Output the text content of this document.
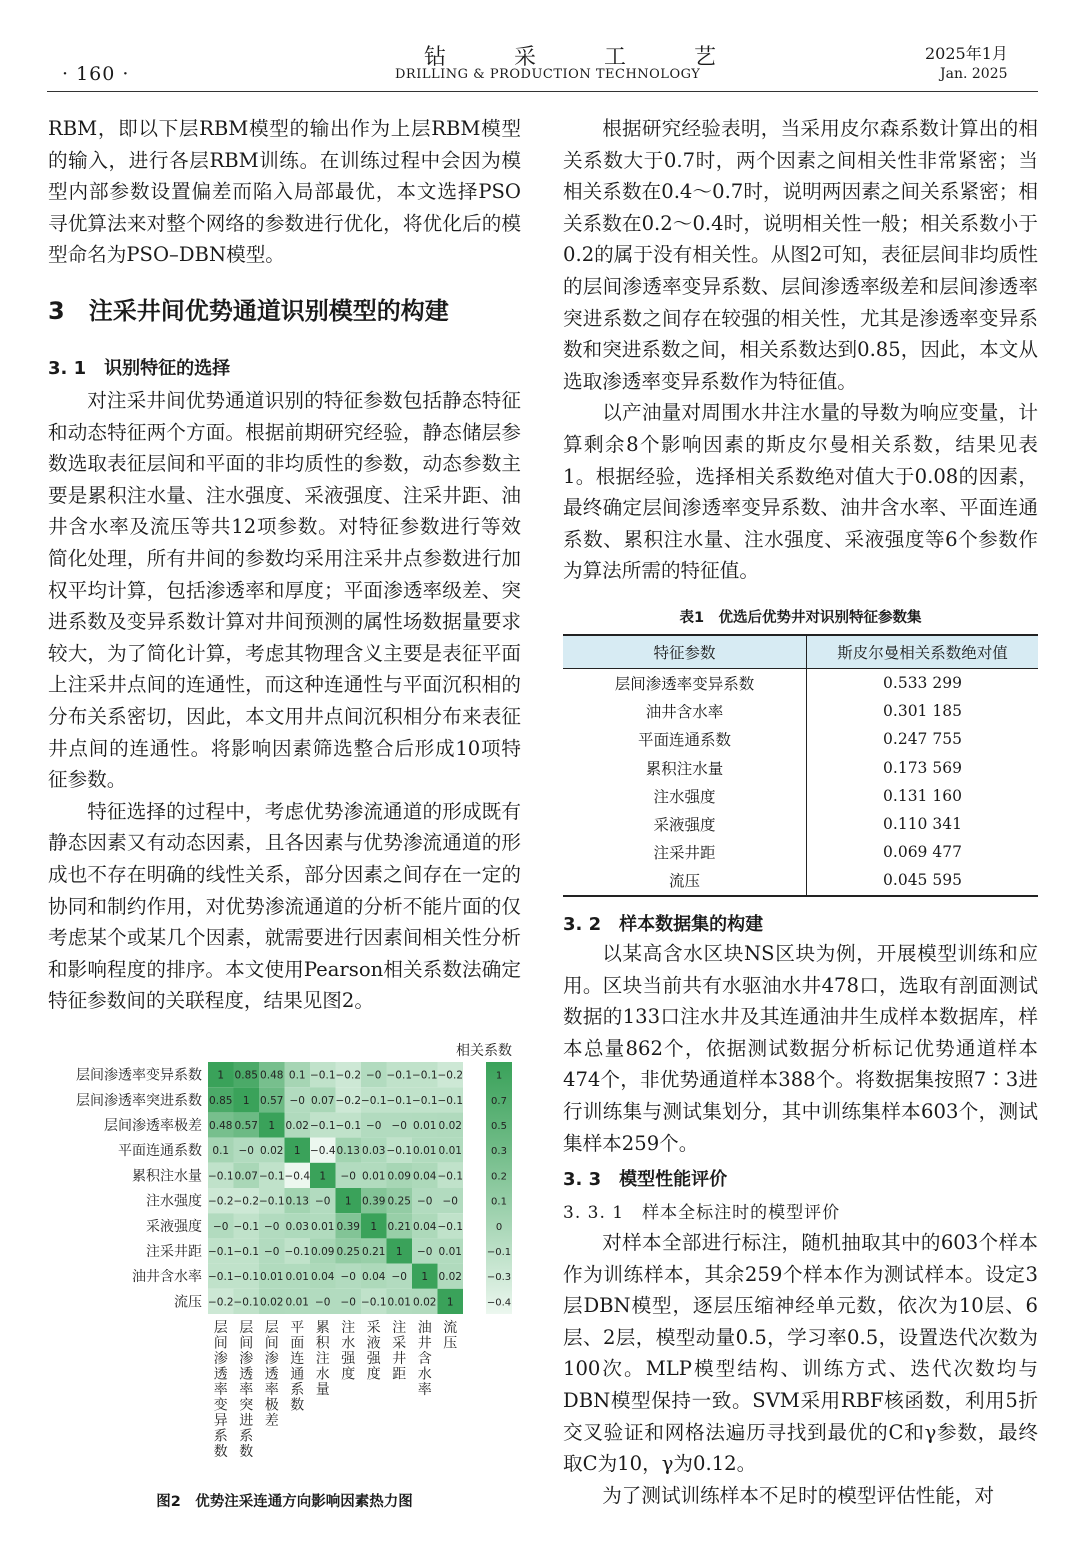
· 160 ·
钻采工艺
DRILLING & PRODUCTION TECHNOLOGY
2025年1月
Jan. 2025

RBM，即以下层RBM模型的输出作为上层RBM模型的输入，进行各层RBM训练。在训练过程中会因为模型内部参数设置偏差而陷入局部最优，本文选择PSO寻优算法来对整个网络的参数进行优化，将优化后的模型命名为PSO–DBN模型。

3　注采井间优势通道识别模型的构建
3. 1　识别特征的选择

对注采井间优势通道识别的特征参数包括静态特征和动态特征两个方面。根据前期研究经验，静态储层参数选取表征层间和平面的非均质性的参数，动态参数主要是累积注水量、注水强度、采液强度、注采井距、油井含水率及流压等共12项参数。对特征参数进行等效简化处理，所有井间的参数均采用注采井点参数进行加权平均计算，包括渗透率和厚度；平面渗透率级差、突进系数及变异系数计算对井间预测的属性场数据量要求较大，为了简化计算，考虑其物理含义主要是表征平面上注采井点间的连通性，而这种连通性与平面沉积相的分布关系密切，因此，本文用井点间沉积相分布来表征井点间的连通性。将影响因素筛选整合后形成10项特征参数。

特征选择的过程中，考虑优势渗流通道的形成既有静态因素又有动态因素，且各因素与优势渗流通道的形成也不存在明确的线性关系，部分因素之间存在一定的协同和制约作用，对优势渗流通道的分析不能片面的仅考虑某个或某几个因素，就需要进行因素间相关性分析和影响程度的排序。本文使用Pearson相关系数法确定特征参数间的关联程度，结果见图2。

1 0.85 0.48 0.1 −0.1 −0.2 −0 −0.1 −0.1 −0.2
0.85 1 0.57 −0 0.07 −0.2 −0.1 −0.1 −0.1 −0.1
0.48 0.57 1 0.02 −0.1 −0.1 −0 −0 0.01 0.02
0.1 −0 0.02 1 −0.4 0.13 0.03 −0.1 0.01 0.01
−0.1 0.07 −0.1 −0.4 1 −0 0.01 0.09 0.04 −0.1
−0.2 −0.2 −0.1 0.13 −0 1 0.39 0.25 −0 −0
−0 −0.1 −0 0.03 0.01 0.39 1 0.21 0.04 −0.1
−0.1 −0.1 −0 −0.1 0.09 0.25 0.21 1 −0 0.01
−0.1 −0.1 0.01 0.01 0.04 −0 0.04 −0 1 0.02
−0.2 −0.1 0.02 0.01 −0 −0 −0.1 0.01 0.02 1
层间渗透率变异系数
层间渗透率突进系数
层间渗透率极差
平面连通系数
累积注水量
注水强度
采液强度
注采井距
油井含水率
流压
层间渗透率变异系数
层间渗透率突进系数
层间渗透率极差
平面连通系数
累积注水量
注水强度
采液强度
注采井距
油井含水率
流压
相关系数
1
0.7
0.5
0.3
0.2
0.1
0
−0.1
−0.3
−0.4
图2　优势注采连通方向影响因素热力图

根据研究经验表明，当采用皮尔森系数计算出的相关系数大于0.7时，两个因素之间相关性非常紧密；当相关系数在0.4～0.7时，说明两因素之间关系紧密；相关系数在0.2～0.4时，说明相关性一般；相关系数小于0.2的属于没有相关性。从图2可知，表征层间非均质性的层间渗透率变异系数、层间渗透率级差和层间渗透率突进系数之间存在较强的相关性，尤其是渗透率变异系数和突进系数之间，相关系数达到0.85，因此，本文从选取渗透率变异系数作为特征值。

以产油量对周围水井注水量的导数为响应变量，计算剩余8个影响因素的斯皮尔曼相关系数，结果见表1。根据经验，选择相关系数绝对值大于0.08的因素，最终确定层间渗透率变异系数、油井含水率、平面连通系数、累积注水量、注水强度、采液强度等6个参数作为算法所需的特征值。

表1　优选后优势井对识别特征参数集
特征参数	斯皮尔曼相关系数绝对值
层间渗透率变异系数	0.533 299
油井含水率	0.301 185
平面连通系数	0.247 755
累积注水量	0.173 569
注水强度	0.131 160
采液强度	0.110 341
注采井距	0.069 477
流压	0.045 595
3. 2　样本数据集的构建

以某高含水区块NS区块为例，开展模型训练和应用。区块当前共有水驱油水井478口，选取有剖面测试数据的133口注水井及其连通油井生成样本数据库，样本总量862个，依据测试数据分析标记优势通道样本474个，非优势通道样本388个。将数据集按照7∶3进行训练集与测试集划分，其中训练集样本603个，测试集样本259个。

3. 3　模型性能评价
3. 3. 1　样本全标注时的模型评价

对样本全部进行标注，随机抽取其中的603个样本作为训练样本，其余259个样本作为测试样本。设定3层DBN模型，逐层压缩神经单元数，依次为10层、6层、2层，模型动量0.5，学习率0.5，设置迭代次数为100次。MLP模型结构、训练方式、迭代次数均与DBN模型保持一致。SVM采用RBF核函数，利用5折交叉验证和网格法遍历寻找到最优的C和γ参数，最终取C为10，γ为0.12。

为了测试训练样本不足时的模型评估性能，对
